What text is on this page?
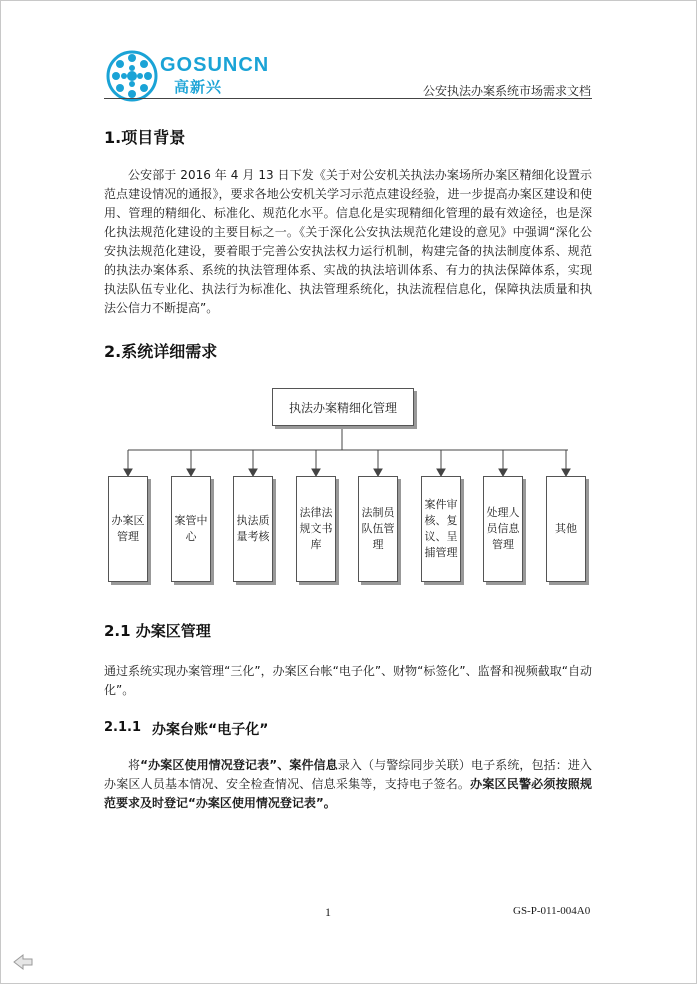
GOSUNCN
高新兴	公安执法办案系统市场需求文档
1.项目背景

公安部于 2016 年 4 月 13 日下发《关于对公安机关执法办案场所办案区精细化设置示范点建设情况的通报》，要求各地公安机关学习示范点建设经验，进一步提高办案区建设和使用、管理的精细化、标准化、规范化水平。信息化是实现精细化管理的最有效途径，也是深化执法规范化建设的主要目标之一。《关于深化公安执法规范化建设的意见》中强调“深化公安执法规范化建设，要着眼于完善公安执法权力运行机制，构建完备的执法制度体系、规范的执法办案体系、系统的执法管理体系、实战的执法培训体系、有力的执法保障体系，实现执法队伍专业化、执法行为标准化、执法管理系统化，执法流程信息化，保障执法质量和执法公信力不断提高”。

2.系统详细需求
执法办案精细化管理
办案区管理
案管中心
执法质量考核
法律法规文书库
法制员队伍管理
案件审核、复议、呈捕管理
处理人员信息管理
其他
2.1 办案区管理

通过系统实现办案管理“三化”，办案区台帐“电子化”、财物“标签化”、监督和视频截取“自动化”。

2.1.1 办案台账“电子化”

将“办案区使用情况登记表”、案件信息录入（与警综同步关联）电子系统，包括：进入办案区人员基本情况、安全检查情况、信息采集等，支持电子签名。办案区民警必须按照规范要求及时登记“办案区使用情况登记表”。

1	GS-P-011-004A0
